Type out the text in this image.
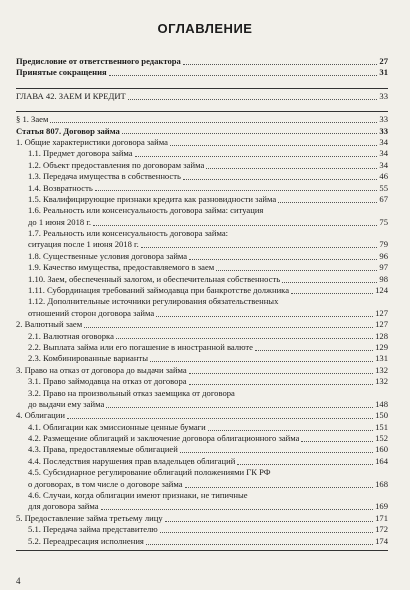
ОГЛАВЛЕНИЕ
Предисловие от ответственного редактора	27
Принятые сокращения	31
ГЛАВА 42. ЗАЕМ И КРЕДИТ	33
§ 1. Заем	33
Статья 807. Договор займа	33
1. Общие характеристики договора займа	34
1.1. Предмет договора займа	34
1.2. Объект предоставления по договорам займа	34
1.3. Передача имущества в собственность	46
1.4. Возвратность	55
1.5. Квалифицирующие признаки кредита как разновидности займа	67
1.6. Реальность или консенсуальность договора займа: ситуация
до 1 июня 2018 г.	75
1.7. Реальность или консенсуальность договора займа:
ситуация после 1 июня 2018 г.	79
1.8. Существенные условия договора займа	96
1.9. Качество имущества, предоставляемого в заем	97
1.10. Заем, обеспеченный залогом, и обеспечительная собственность	98
1.11. Субординация требований займодавца при банкротстве должника	124
1.12. Дополнительные источники регулирования обязательственных
отношений сторон договора займа	127
2. Валютный заем	127
2.1. Валютная оговорка	128
2.2. Выплата займа или его погашение в иностранной валюте	129
2.3. Комбинированные варианты	131
3. Право на отказ от договора до выдачи займа	132
3.1. Право займодавца на отказ от договора	132
3.2. Право на произвольный отказ заемщика от договора
до выдачи ему займа	148
4. Облигации	150
4.1. Облигации как эмиссионные ценные бумаги	151
4.2. Размещение облигаций и заключение договора облигационного займа	152
4.3. Права, предоставляемые облигацией	160
4.4. Последствия нарушения прав владельцев облигаций	164
4.5. Субсидиарное регулирование облигаций положениями ГК РФ
о договорах, в том числе о договоре займа	168
4.6. Случаи, когда облигации имеют признаки, не типичные
для договора займа	169
5. Предоставление займа третьему лицу	171
5.1. Передача займа представителю	172
5.2. Переадресация исполнения	174
4
